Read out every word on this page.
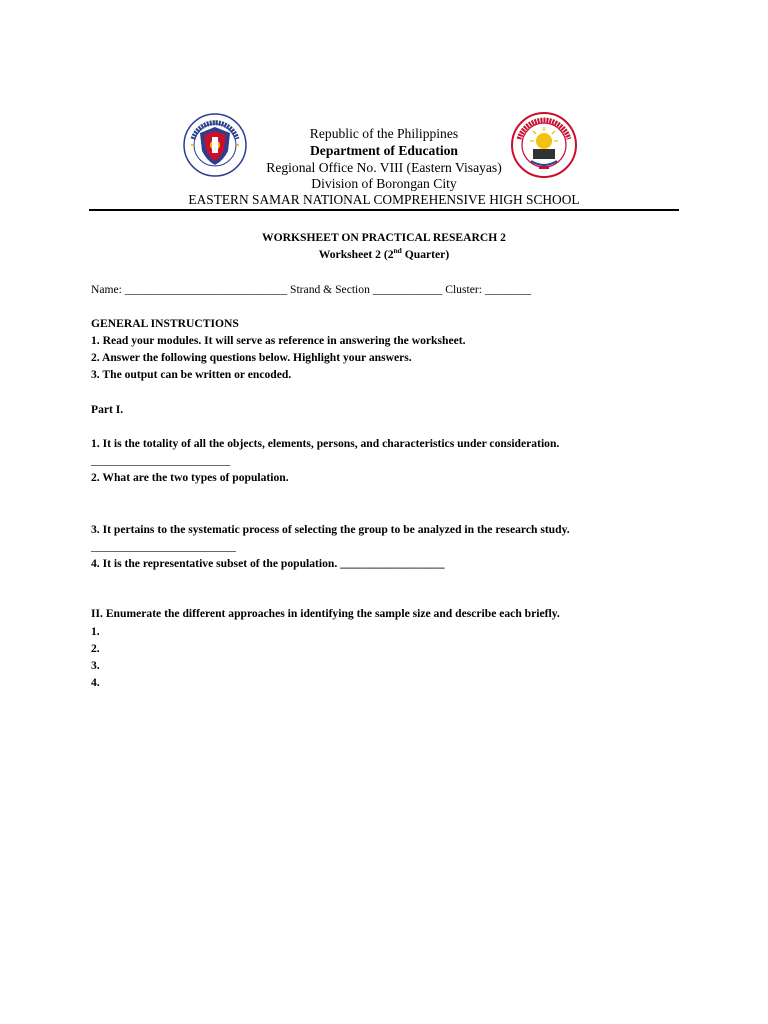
Republic of the Philippines
Department of Education
Regional Office No. VIII (Eastern Visayas)
Division of Borongan City
EASTERN SAMAR NATIONAL COMPREHENSIVE HIGH SCHOOL
WORKSHEET ON PRACTICAL RESEARCH 2
Worksheet 2 (2nd Quarter)
Name: ____________________________ Strand & Section ____________ Cluster: ________
GENERAL INSTRUCTIONS
1. Read your modules. It will serve as reference in answering the worksheet.
2. Answer the following questions below. Highlight your answers.
3. The output can be written or encoded.
Part I.
1. It is the totality of all the objects, elements, persons, and characteristics under consideration.
________________________
2. What are the two types of population.
3. It pertains to the systematic process of selecting the group to be analyzed in the research study.
_________________________
4. It is the representative subset of the population. __________________
II. Enumerate the different approaches in identifying the sample size and describe each briefly.
1.
2.
3.
4.
